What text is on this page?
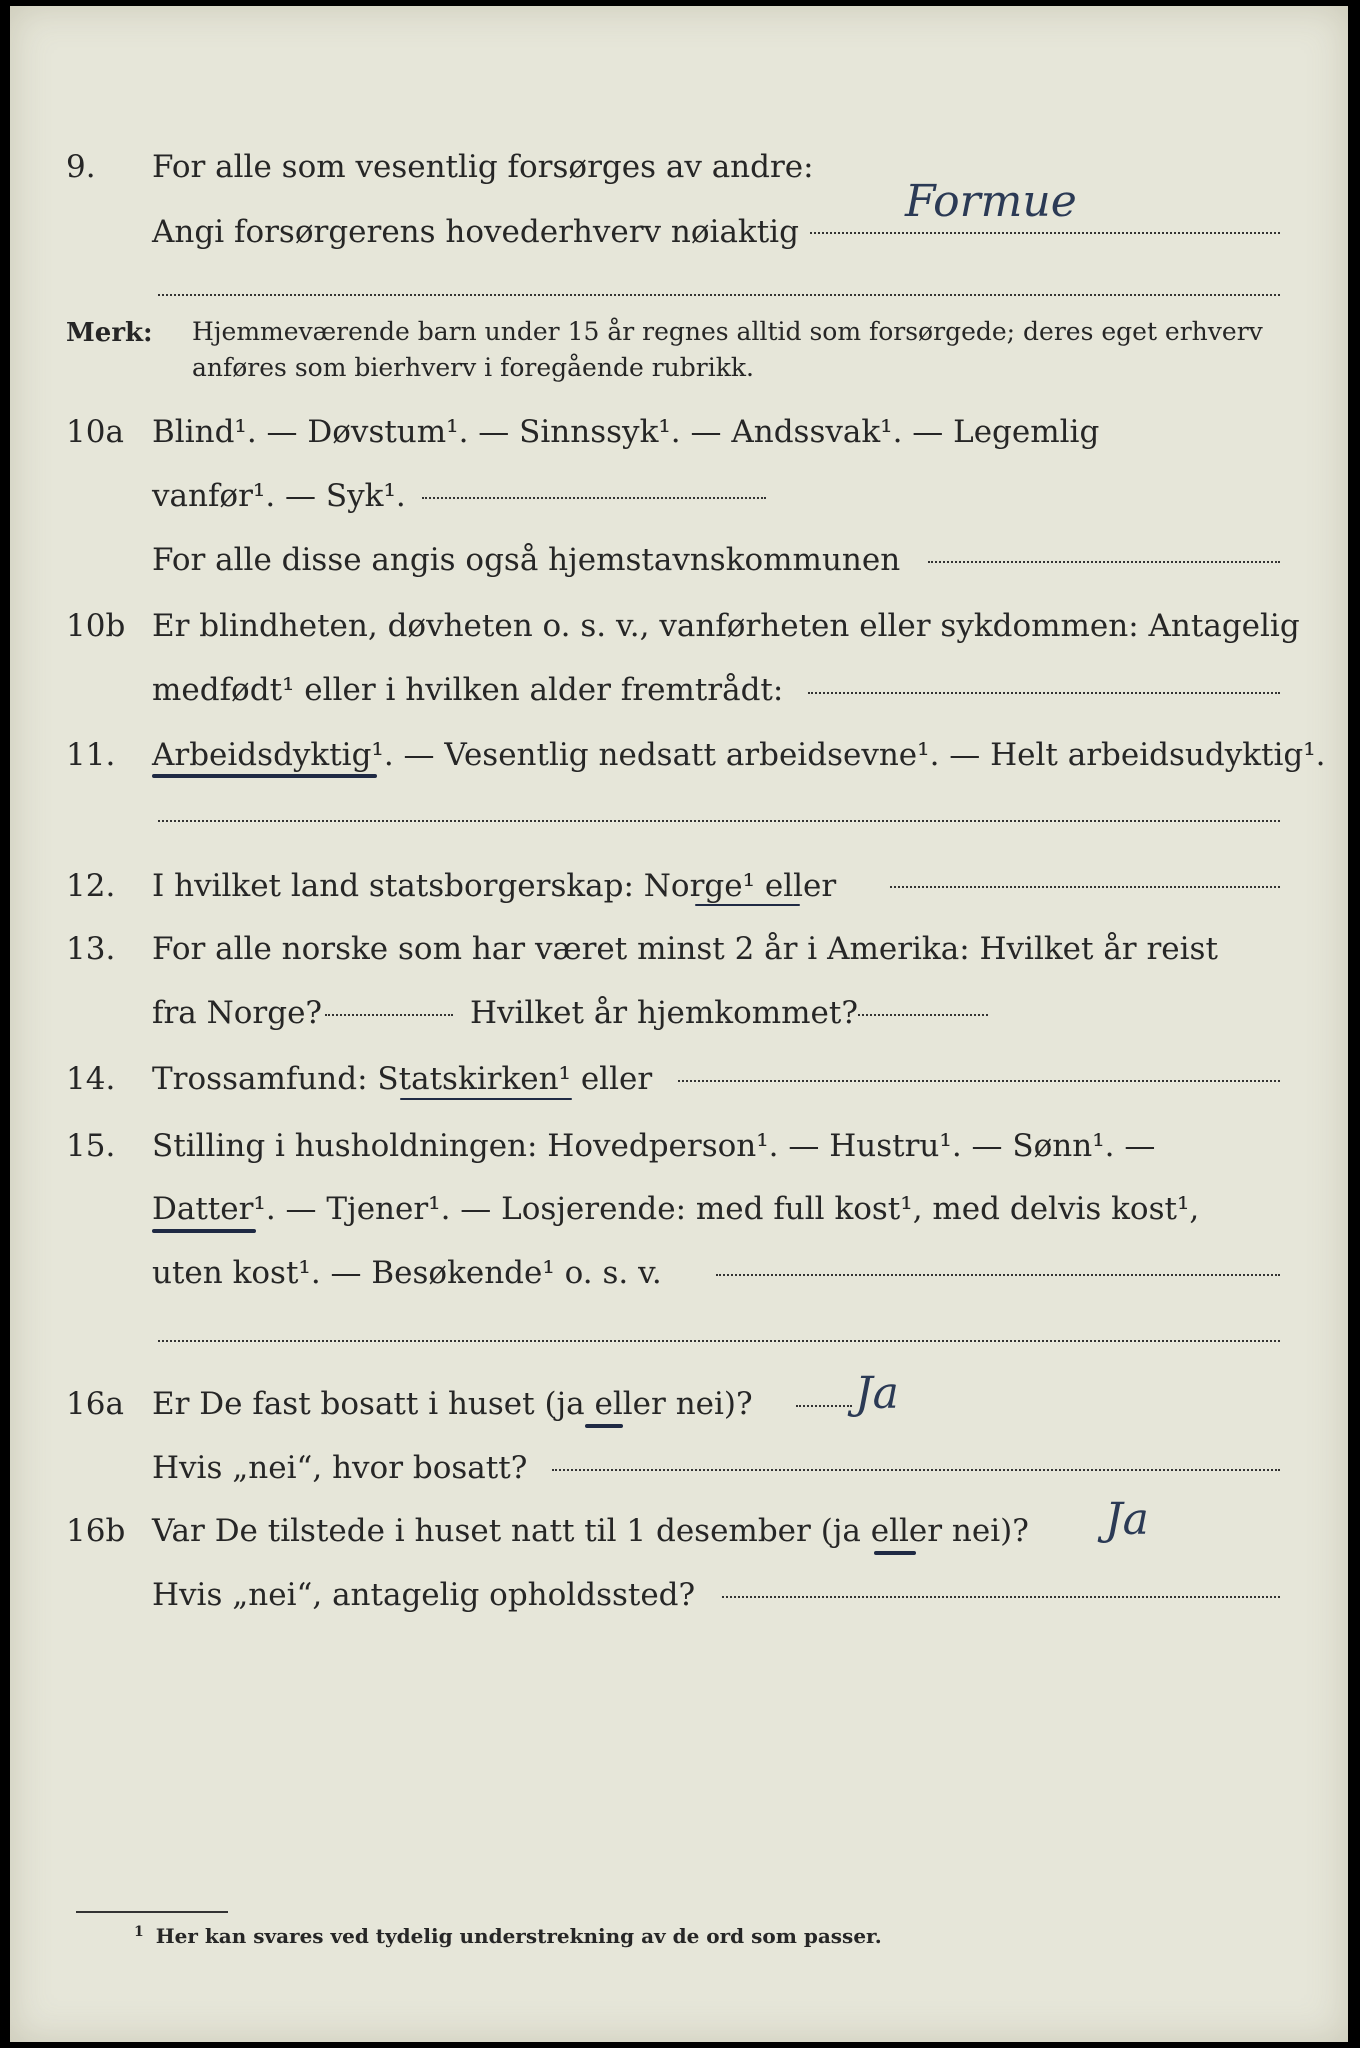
9. For alle som vesentlig forsørges av andre:
Angi forsørgerens hovederhverv nøiaktig
Formue
Merk: Hjemmeværende barn under 15 år regnes alltid som forsørgede; deres eget erhverv anføres som bierhverv i foregående rubrikk.
10a Blind¹. — Døvstum¹. — Sinnssyk¹. — Andssvak¹. — Legemlig
vanfør¹. — Syk¹.
For alle disse angis også hjemstavnskommunen
10b Er blindheten, døvheten o. s. v., vanførheten eller sykdommen: Antagelig
medfødt¹ eller i hvilken alder fremtrådt:
11. Arbeidsdyktig¹. — Vesentlig nedsatt arbeidsevne¹. — Helt arbeidsudyktig¹.
12. I hvilket land statsborgerskap: Norge¹ eller
13. For alle norske som har været minst 2 år i Amerika: Hvilket år reist
fra Norge?	Hvilket år hjemkommet?
14. Trossamfund: Statskirken¹ eller
15. Stilling i husholdningen: Hovedperson¹. — Hustru¹. — Sønn¹. —
Datter¹. — Tjener¹. — Losjerende: med full kost¹, med delvis kost¹,
uten kost¹. — Besøkende¹ o. s. v.
16a Er De fast bosatt i huset (ja eller nei)? Ja
Hvis „nei“, hvor bosatt?
16b Var De tilstede i huset natt til 1 desember (ja eller nei)? Ja
Hvis „nei“, antagelig opholdssted?
$^1$ Her kan svares ved tydelig understrekning av de ord som passer.
